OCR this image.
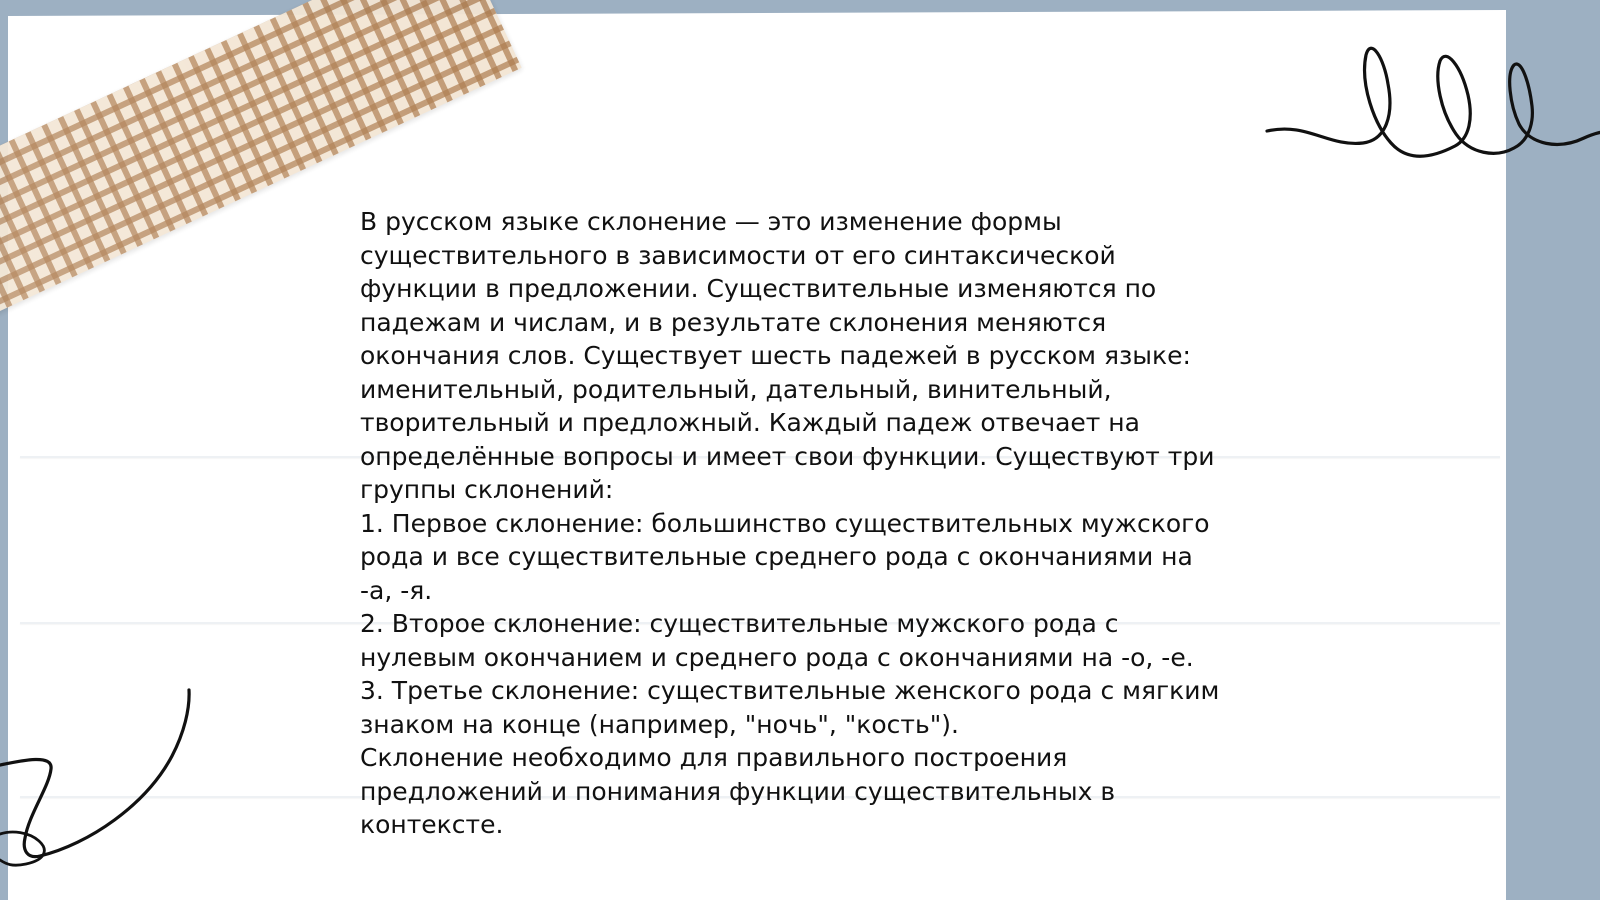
В русском языке склонение — это изменение формы
существительного в зависимости от его синтаксической
функции в предложении. Существительные изменяются по
падежам и числам, и в результате склонения меняются
окончания слов. Существует шесть падежей в русском языке:
именительный, родительный, дательный, винительный,
творительный и предложный. Каждый падеж отвечает на
определённые вопросы и имеет свои функции. Существуют три
группы склонений:
1. Первое склонение: большинство существительных мужского
рода и все существительные среднего рода с окончаниями на
-а, -я.
2. Второе склонение: существительные мужского рода с
нулевым окончанием и среднего рода с окончаниями на -о, -е.
3. Третье склонение: существительные женского рода с мягким
знаком на конце (например, "ночь", "кость").
Склонение необходимо для правильного построения
предложений и понимания функции существительных в
контексте.
